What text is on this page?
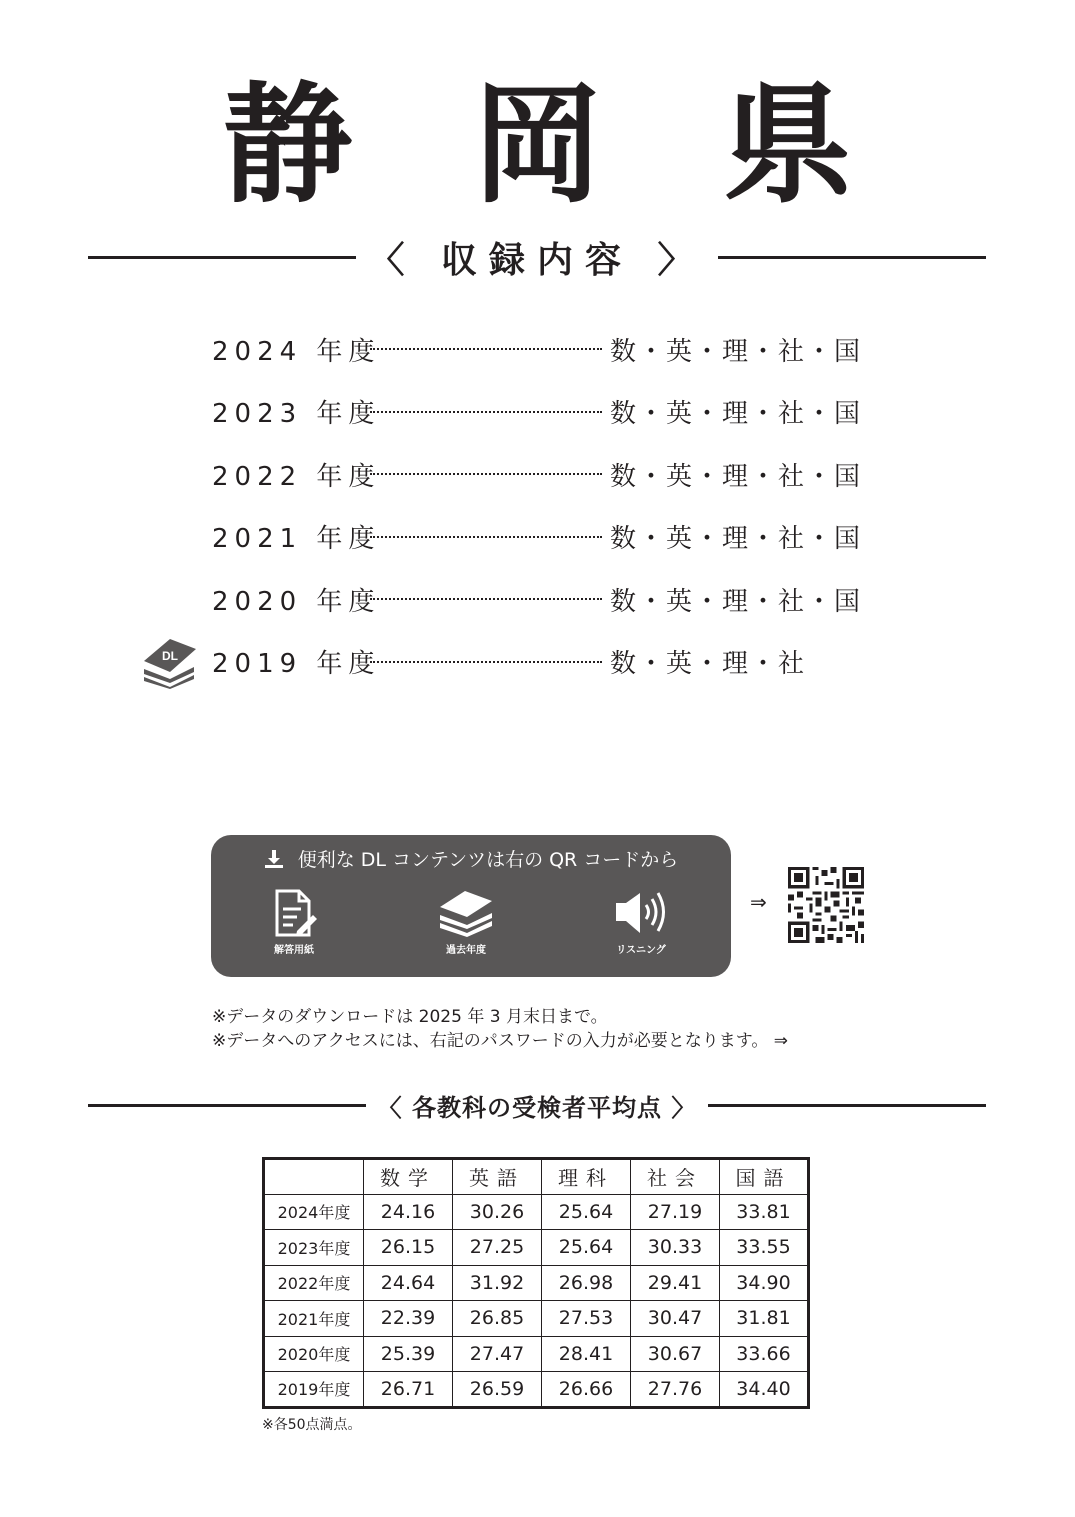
静 岡 県
〈 収録内容 〉
2024 年度	数・英・理・社・国
2023 年度	数・英・理・社・国
2022 年度	数・英・理・社・国
2021 年度	数・英・理・社・国
2020 年度	数・英・理・社・国
DL 2019 年度	数・英・理・社
便利な DL コンテンツは右の QR コードから
解答用紙	過去年度	リスニング
⇒
※データのダウンロードは 2025 年 3 月末日まで。
※データへのアクセスには、右記のパスワードの入力が必要となります。 ⇒
〈 各教科の受検者平均点 〉
	数学	英語	理科	社会	国語
2024年度	24.16	30.26	25.64	27.19	33.81
2023年度	26.15	27.25	25.64	30.33	33.55
2022年度	24.64	31.92	26.98	29.41	34.90
2021年度	22.39	26.85	27.53	30.47	31.81
2020年度	25.39	27.47	28.41	30.67	33.66
2019年度	26.71	26.59	26.66	27.76	34.40
※各50点満点。
